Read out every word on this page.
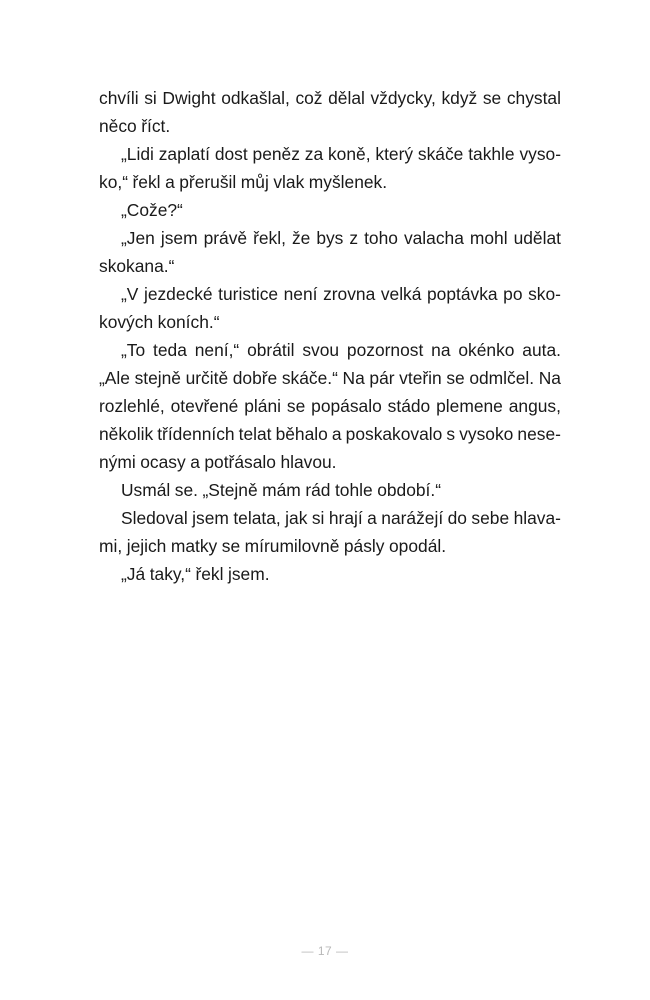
chvíli si Dwight odkašlal, což dělal vždycky, když se chystal
něco říct.
„Lidi zaplatí dost peněz za koně, který skáče takhle vyso-
ko,“ řekl a přerušil můj vlak myšlenek.
„Cože?“
„Jen jsem právě řekl, že bys z toho valacha mohl udělat
skokana.“
„V jezdecké turistice není zrovna velká poptávka po sko-
kových koních.“
„To teda není,“ obrátil svou pozornost na okénko auta.
„Ale stejně určitě dobře skáče.“ Na pár vteřin se odmlčel. Na
rozlehlé, otevřené pláni se popásalo stádo plemene angus,
několik třídenních telat běhalo a poskakovalo s vysoko nese-
nými ocasy a potřásalo hlavou.
Usmál se. „Stejně mám rád tohle období.“
Sledoval jsem telata, jak si hrají a narážejí do sebe hlava-
mi, jejich matky se mírumilovně pásly opodál.
„Já taky,“ řekl jsem.
— 17 —
